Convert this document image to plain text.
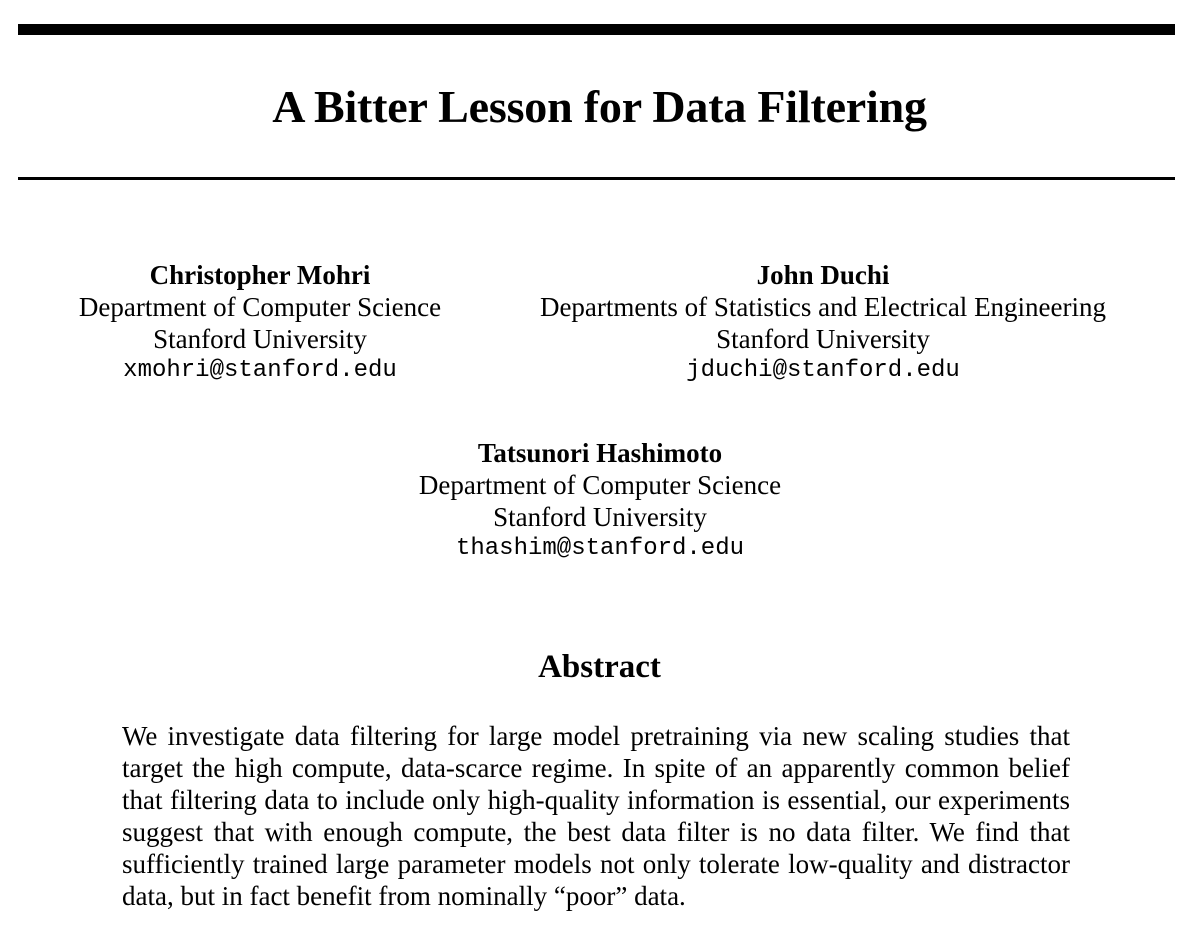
A Bitter Lesson for Data Filtering
Christopher Mohri
Department of Computer Science
Stanford University
xmohri@stanford.edu
John Duchi
Departments of Statistics and Electrical Engineering
Stanford University
jduchi@stanford.edu
Tatsunori Hashimoto
Department of Computer Science
Stanford University
thashim@stanford.edu
Abstract

We investigate data filtering for large model pretraining via new scaling studies that target the high compute, data-scarce regime. In spite of an apparently common belief that filtering data to include only high-quality information is essential, our experiments suggest that with enough compute, the best data filter is no data filter. We find that sufficiently trained large parameter models not only tolerate low-quality and distractor data, but in fact benefit from nominally “poor” data.
